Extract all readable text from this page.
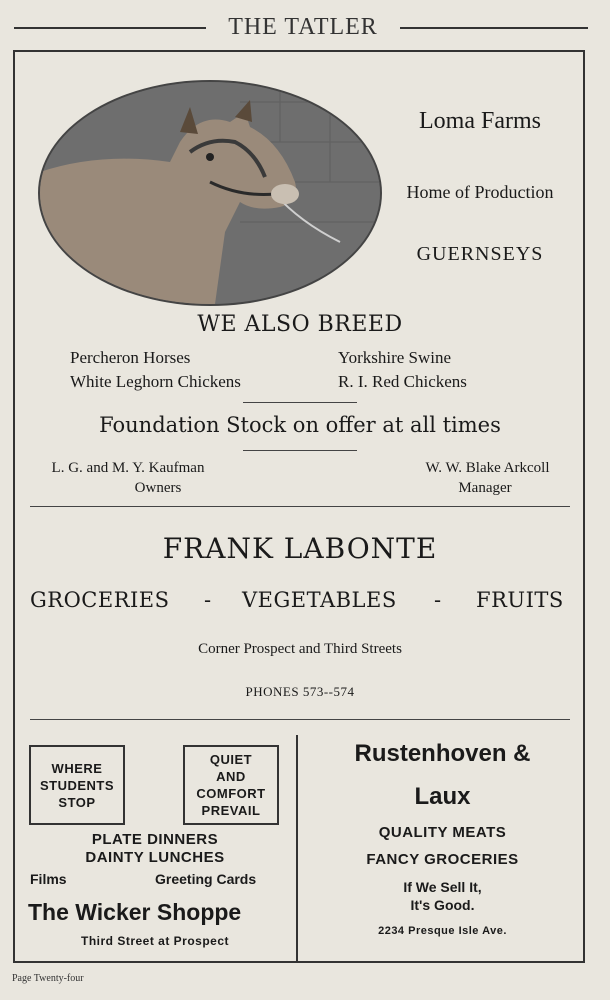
THE TATLER
Loma Farms
Home of Production
GUERNSEYS
WE ALSO BREED
Percheron Horses	Yorkshire Swine
White Leghorn Chickens	R. I. Red Chickens
Foundation Stock on offer at all times
L. G. and M. Y. Kaufman
Owners
W. W. Blake Arkcoll
Manager
FRANK LABONTE
GROCERIES - VEGETABLES - FRUITS
Corner Prospect and Third Streets
PHONES 573--574
WHERE
STUDENTS
STOP
QUIET
AND
COMFORT
PREVAIL
PLATE DINNERS
DAINTY LUNCHES
Films	Greeting Cards
The Wicker Shoppe
Third Street at Prospect
Rustenhoven &
Laux
QUALITY MEATS
FANCY GROCERIES
If We Sell It,
It's Good.
2234 Presque Isle Ave.
Page Twenty-four
